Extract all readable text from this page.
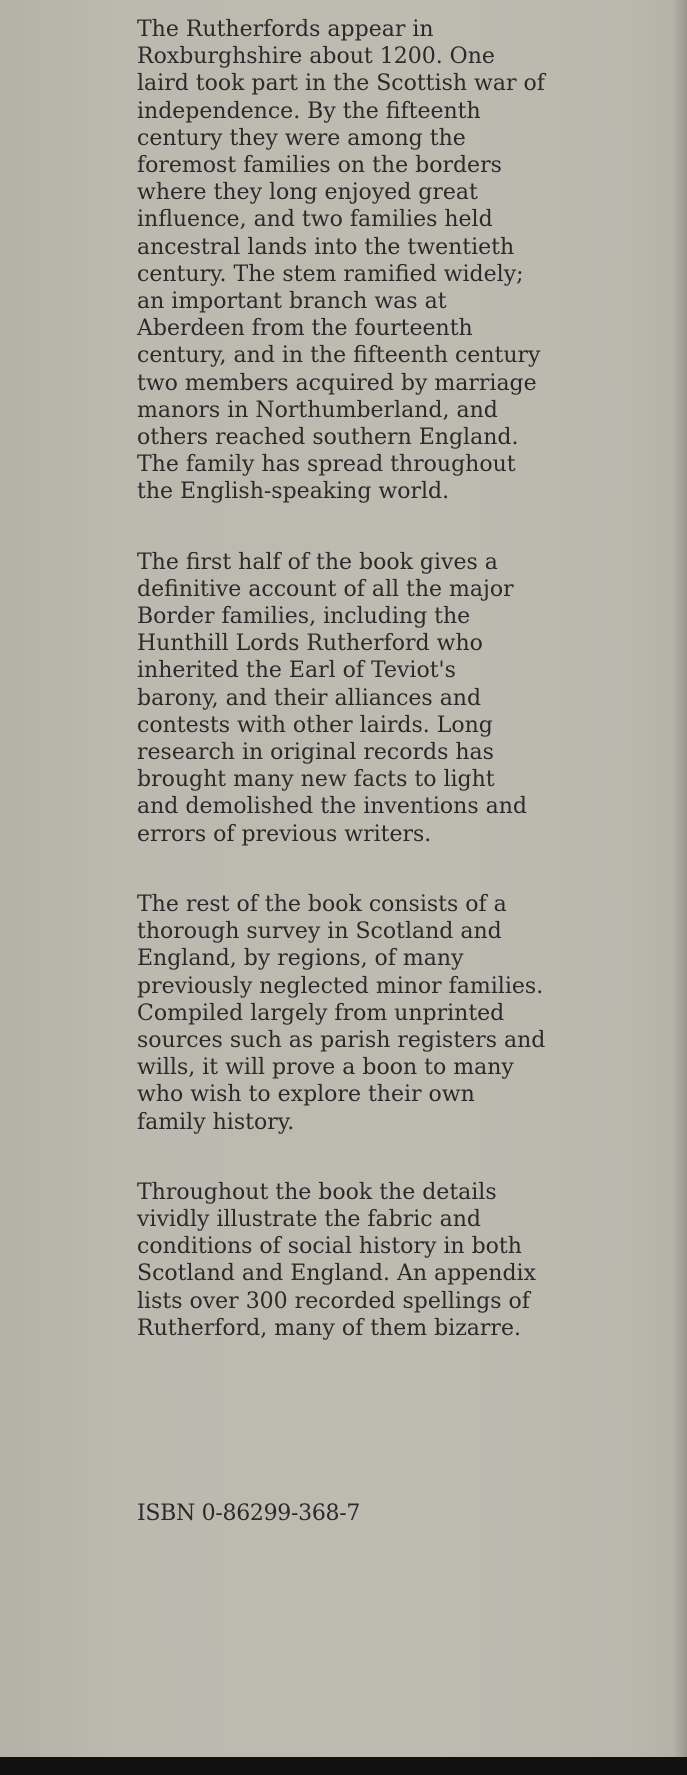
The Rutherfords appear in
Roxburghshire about 1200. One
laird took part in the Scottish war of
independence. By the fifteenth
century they were among the
foremost families on the borders
where they long enjoyed great
influence, and two families held
ancestral lands into the twentieth
century. The stem ramified widely;
an important branch was at
Aberdeen from the fourteenth
century, and in the fifteenth century
two members acquired by marriage
manors in Northumberland, and
others reached southern England.
The family has spread throughout
the English-speaking world.

The first half of the book gives a
definitive account of all the major
Border families, including the
Hunthill Lords Rutherford who
inherited the Earl of Teviot's
barony, and their alliances and
contests with other lairds. Long
research in original records has
brought many new facts to light
and demolished the inventions and
errors of previous writers.

The rest of the book consists of a
thorough survey in Scotland and
England, by regions, of many
previously neglected minor families.
Compiled largely from unprinted
sources such as parish registers and
wills, it will prove a boon to many
who wish to explore their own
family history.

Throughout the book the details
vividly illustrate the fabric and
conditions of social history in both
Scotland and England. An appendix
lists over 300 recorded spellings of
Rutherford, many of them bizarre.

ISBN 0-86299-368-7
